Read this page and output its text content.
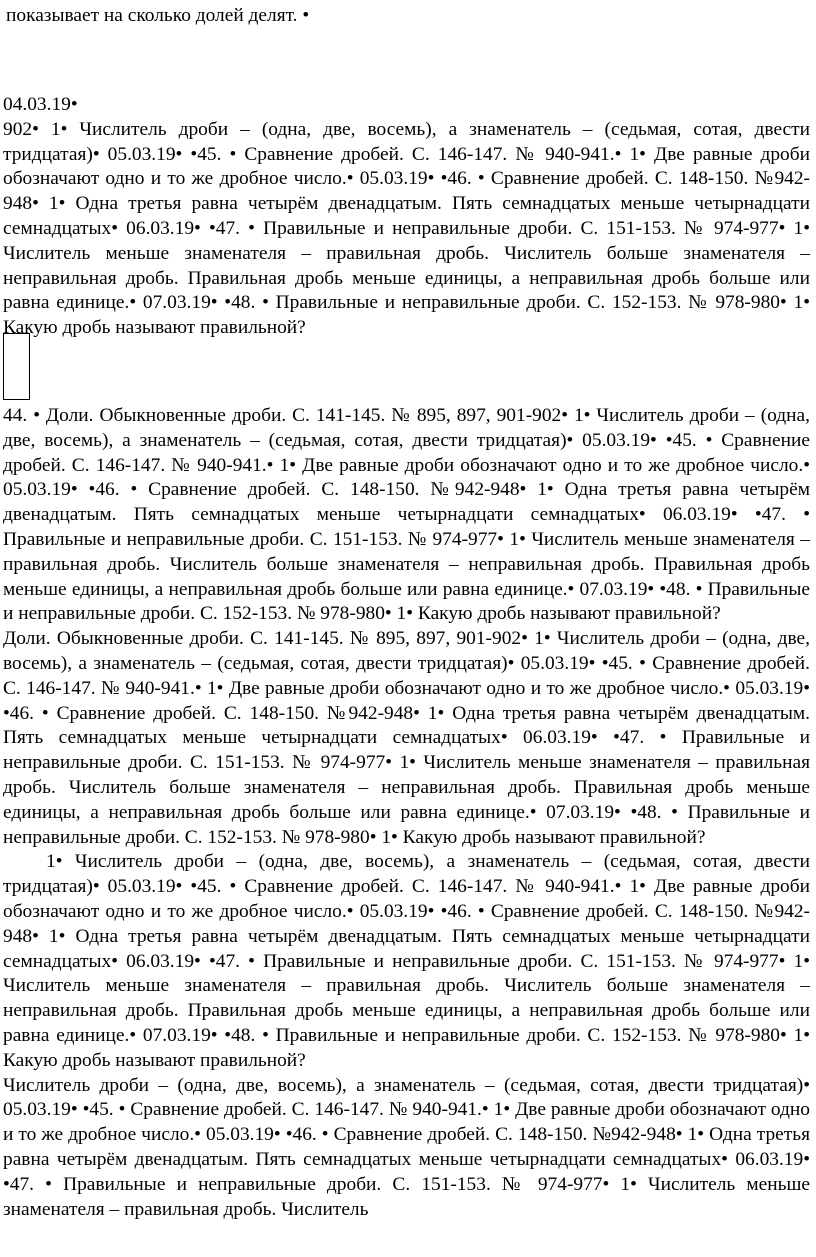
показывает на сколько долей делят. •

04.03.19•

902• 1• Числитель дроби – (одна, две, восемь), а знаменатель – (седьмая, сотая, двести тридцатая)• 05.03.19• •45. • Сравнение дробей. С. 146-147. № 940-941.• 1• Две равные дроби обозначают одно и то же дробное число.• 05.03.19• •46. • Сравнение дробей. С. 148-150. №942-948• 1• Одна третья равна четырём двенадцатым. Пять семнадцатых меньше четырнадцати семнадцатых• 06.03.19• •47. • Правильные и неправильные дроби. С. 151-153. № 974-977• 1• Числитель меньше знаменателя – правильная дробь. Числитель больше знаменателя – неправильная дробь. Правильная дробь меньше единицы, а неправильная дробь больше или равна единице.• 07.03.19• •48. • Правильные и неправильные дроби. С. 152-153. № 978-980• 1• Какую дробь называют правильной?

44. • Доли. Обыкновенные дроби. С. 141-145. № 895, 897, 901-902• 1• Числитель дроби – (одна, две, восемь), а знаменатель – (седьмая, сотая, двести тридцатая)• 05.03.19• •45. • Сравнение дробей. С. 146-147. № 940-941.• 1• Две равные дроби обозначают одно и то же дробное число.• 05.03.19• •46. • Сравнение дробей. С. 148-150. №942-948• 1• Одна третья равна четырём двенадцатым. Пять семнадцатых меньше четырнадцати семнадцатых• 06.03.19• •47. • Правильные и неправильные дроби. С. 151-153. № 974-977• 1• Числитель меньше знаменателя – правильная дробь. Числитель больше знаменателя – неправильная дробь. Правильная дробь меньше единицы, а неправильная дробь больше или равна единице.• 07.03.19• •48. • Правильные и неправильные дроби. С. 152-153. № 978-980• 1• Какую дробь называют правильной?

Доли. Обыкновенные дроби. С. 141-145. № 895, 897, 901-902• 1• Числитель дроби – (одна, две, восемь), а знаменатель – (седьмая, сотая, двести тридцатая)• 05.03.19• •45. • Сравнение дробей. С. 146-147. № 940-941.• 1• Две равные дроби обозначают одно и то же дробное число.• 05.03.19• •46. • Сравнение дробей. С. 148-150. №942-948• 1• Одна третья равна четырём двенадцатым. Пять семнадцатых меньше четырнадцати семнадцатых• 06.03.19• •47. • Правильные и неправильные дроби. С. 151-153. № 974-977• 1• Числитель меньше знаменателя – правильная дробь. Числитель больше знаменателя – неправильная дробь. Правильная дробь меньше единицы, а неправильная дробь больше или равна единице.• 07.03.19• •48. • Правильные и неправильные дроби. С. 152-153. № 978-980• 1• Какую дробь называют правильной?

1• Числитель дроби – (одна, две, восемь), а знаменатель – (седьмая, сотая, двести тридцатая)• 05.03.19• •45. • Сравнение дробей. С. 146-147. № 940-941.• 1• Две равные дроби обозначают одно и то же дробное число.• 05.03.19• •46. • Сравнение дробей. С. 148-150. №942-948• 1• Одна третья равна четырём двенадцатым. Пять семнадцатых меньше четырнадцати семнадцатых• 06.03.19• •47. • Правильные и неправильные дроби. С. 151-153. № 974-977• 1• Числитель меньше знаменателя – правильная дробь. Числитель больше знаменателя – неправильная дробь. Правильная дробь меньше единицы, а неправильная дробь больше или равна единице.• 07.03.19• •48. • Правильные и неправильные дроби. С. 152-153. № 978-980• 1• Какую дробь называют правильной?

Числитель дроби – (одна, две, восемь), а знаменатель – (седьмая, сотая, двести тридцатая)• 05.03.19• •45. • Сравнение дробей. С. 146-147. № 940-941.• 1• Две равные дроби обозначают одно и то же дробное число.• 05.03.19• •46. • Сравнение дробей. С. 148-150. №942-948• 1• Одна третья равна четырём двенадцатым. Пять семнадцатых меньше четырнадцати семнадцатых• 06.03.19• •47. • Правильные и неправильные дроби. С. 151-153. № 974-977• 1• Числитель меньше знаменателя – правильная дробь. Числитель
